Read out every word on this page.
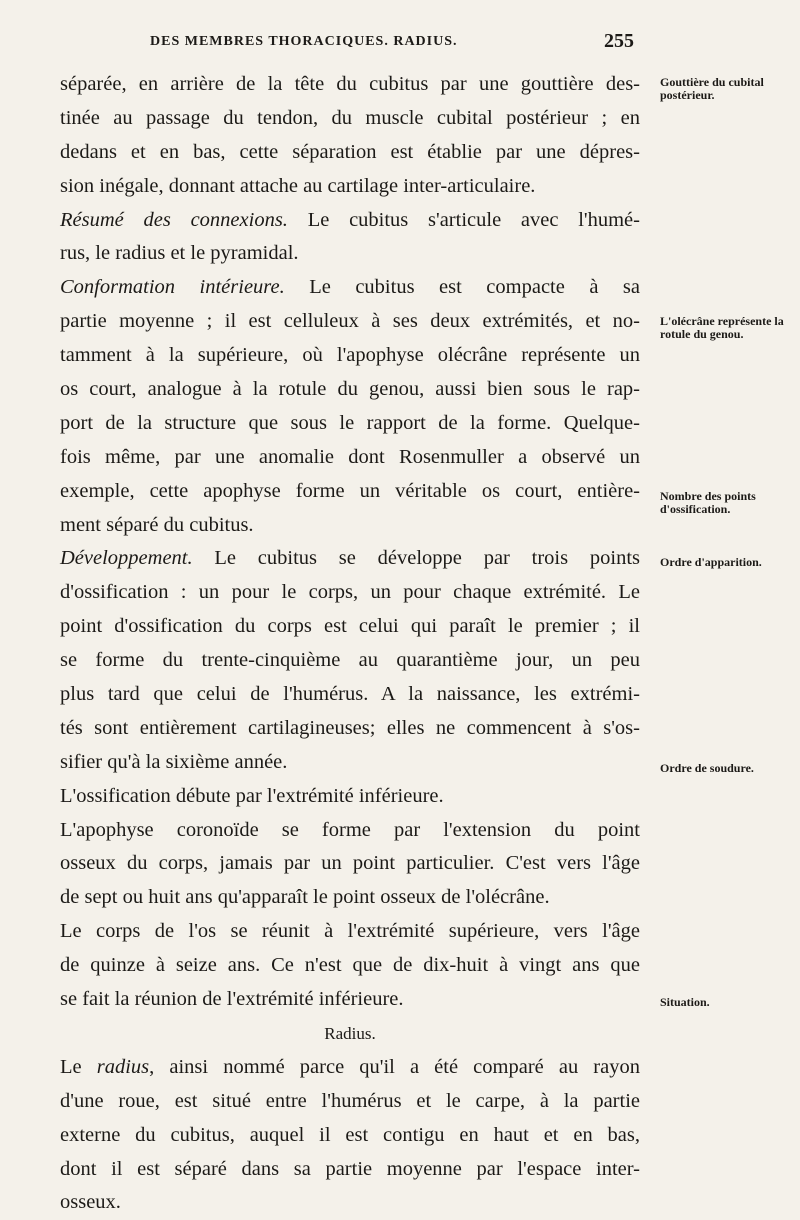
DES MEMBRES THORACIQUES. RADIUS.	255
séparée, en arrière de la tête du cubitus par une gouttière des-
tinée au passage du tendon, du muscle cubital postérieur ; en
dedans et en bas, cette séparation est établie par une dépres-
sion inégale, donnant attache au cartilage inter-articulaire.
Résumé des connexions. Le cubitus s'articule avec l'humé-
rus, le radius et le pyramidal.
Conformation intérieure. Le cubitus est compacte à sa
partie moyenne ; il est celluleux à ses deux extrémités, et no-
tamment à la supérieure, où l'apophyse olécrâne représente un
os court, analogue à la rotule du genou, aussi bien sous le rap-
port de la structure que sous le rapport de la forme. Quelque-
fois même, par une anomalie dont Rosenmuller a observé un
exemple, cette apophyse forme un véritable os court, entière-
ment séparé du cubitus.
Développement. Le cubitus se développe par trois points
d'ossification : un pour le corps, un pour chaque extrémité. Le
point d'ossification du corps est celui qui paraît le premier ; il
se forme du trente-cinquième au quarantième jour, un peu
plus tard que celui de l'humérus. A la naissance, les extrémi-
tés sont entièrement cartilagineuses; elles ne commencent à s'os-
sifier qu'à la sixième année.
L'ossification débute par l'extrémité inférieure.
L'apophyse coronoïde se forme par l'extension du point
osseux du corps, jamais par un point particulier. C'est vers l'âge
de sept ou huit ans qu'apparaît le point osseux de l'olécrâne.
Le corps de l'os se réunit à l'extrémité supérieure, vers l'âge
de quinze à seize ans. Ce n'est que de dix-huit à vingt ans que
se fait la réunion de l'extrémité inférieure.
Radius.
Le radius, ainsi nommé parce qu'il a été comparé au rayon
d'une roue, est situé entre l'humérus et le carpe, à la partie
externe du cubitus, auquel il est contigu en haut et en bas,
dont il est séparé dans sa partie moyenne par l'espace inter-
osseux.
Gouttière du cubital postérieur.
L'olécrâne représente la rotule du genou.
Nombre des points d'ossification.
Ordre d'apparition.
Ordre de soudure.
Situation.
